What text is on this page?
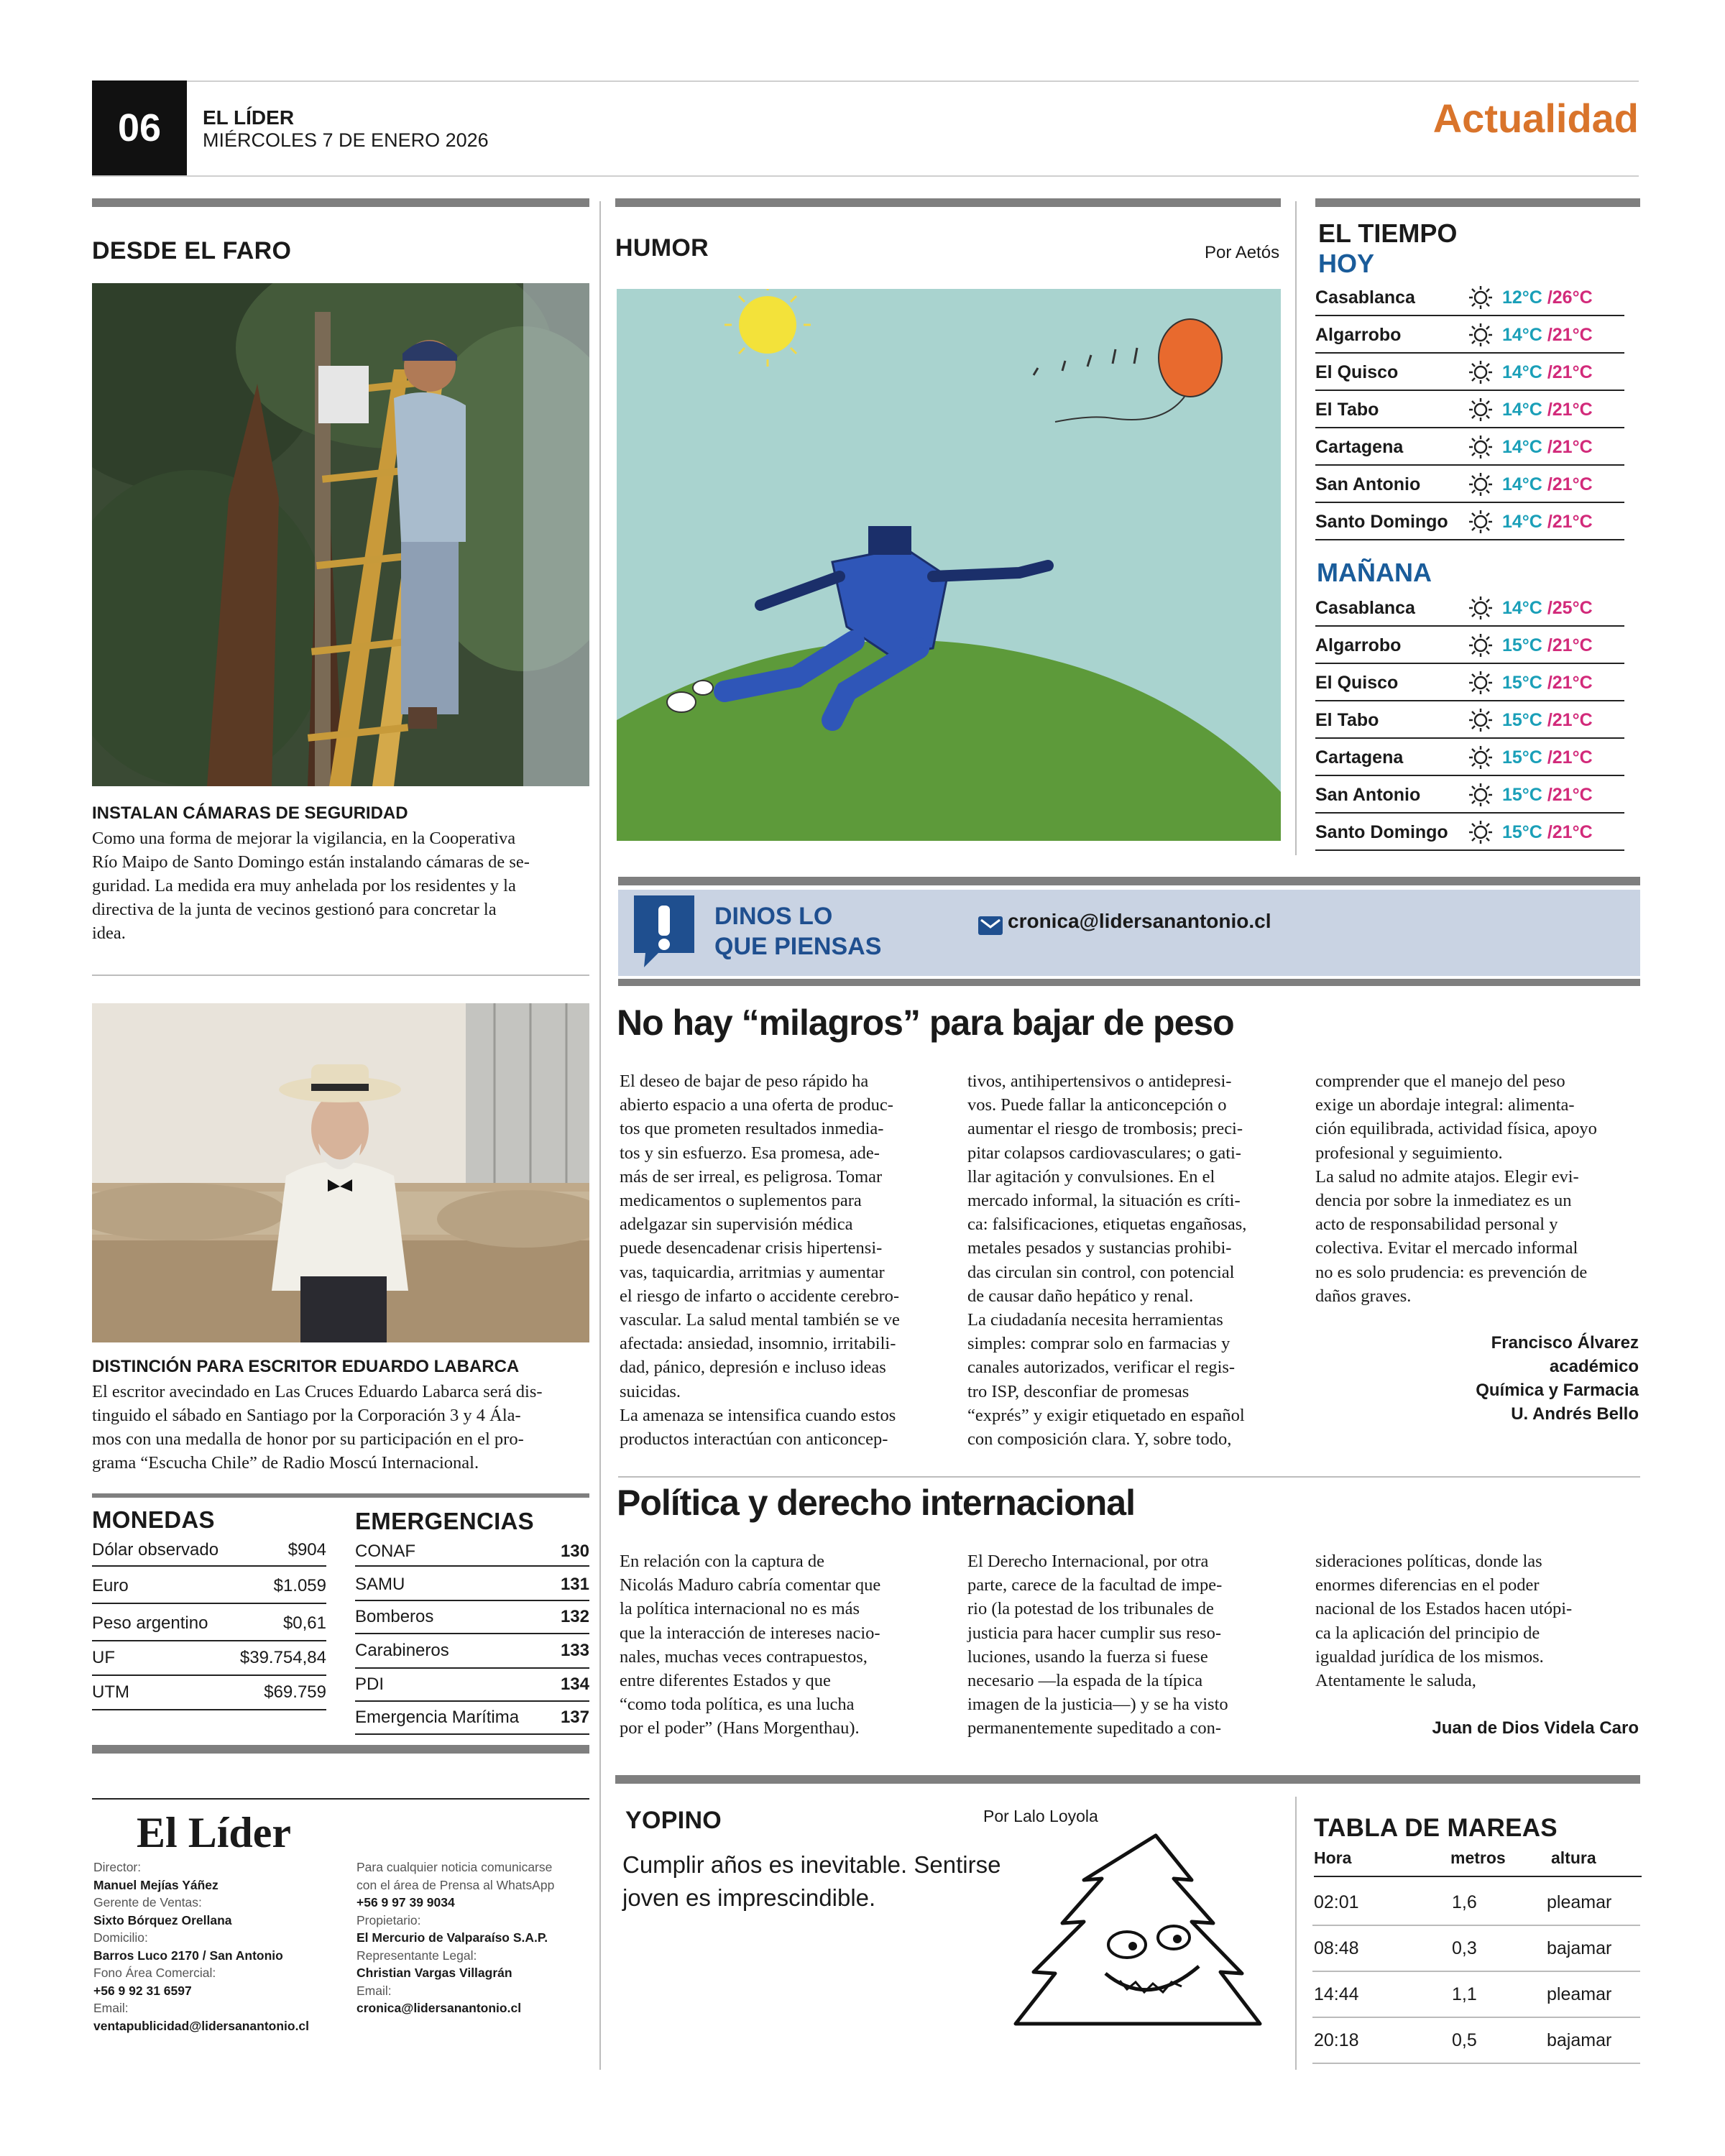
06	EL LÍDER
MIÉRCOLES 7 DE ENERO 2026	Actualidad
DESDE EL FARO
INSTALAN CÁMARAS DE SEGURIDAD
Como una forma de mejorar la vigilancia, en la Cooperativa
Río Maipo de Santo Domingo están instalando cámaras de se-
guridad. La medida era muy anhelada por los residentes y la
directiva de la junta de vecinos gestionó para concretar la
idea.
DISTINCIÓN PARA ESCRITOR EDUARDO LABARCA
El escritor avecindado en Las Cruces Eduardo Labarca será dis-
tinguido el sábado en Santiago por la Corporación 3 y 4 Ála-
mos con una medalla de honor por su participación en el pro-
grama “Escucha Chile” de Radio Moscú Internacional.
MONEDAS
Dólar observado	$904
Euro	$1.059
Peso argentino	$0,61
UF	$39.754,84
UTM	$69.759
EMERGENCIAS
CONAF	130
SAMU	131
Bomberos	132
Carabineros	133
PDI	134
Emergencia Marítima 137
El Líder
Director:
Manuel Mejías Yáñez
Gerente de Ventas:
Sixto Bórquez Orellana
Domicilio:
Barros Luco 2170 / San Antonio
Fono Área Comercial:
+56 9 92 31 6597
Email:
ventapublicidad@lidersanantonio.cl
Para cualquier noticia comunicarse
con el área de Prensa al WhatsApp
+56 9 97 39 9034
Propietario:
El Mercurio de Valparaíso S.A.P.
Representante Legal:
Christian Vargas Villagrán
Email:
cronica@lidersanantonio.cl
HUMOR	Por Aetós
EL TIEMPO
HOY
Casablanca	12°C /26°C
Algarrobo	14°C /21°C
El Quisco	14°C /21°C
El Tabo	14°C /21°C
Cartagena	14°C /21°C
San Antonio	14°C /21°C
Santo Domingo	14°C /21°C
MAÑANA
Casablanca	14°C /25°C
Algarrobo	15°C /21°C
El Quisco	15°C /21°C
El Tabo	15°C /21°C
Cartagena	15°C /21°C
San Antonio	15°C /21°C
Santo Domingo	15°C /21°C
DINOS LO
QUE PIENSAS
cronica@lidersanantonio.cl
No hay “milagros” para bajar de peso
El deseo de bajar de peso rápido ha
abierto espacio a una oferta de produc-
tos que prometen resultados inmedia-
tos y sin esfuerzo. Esa promesa, ade-
más de ser irreal, es peligrosa. Tomar
medicamentos o suplementos para
adelgazar sin supervisión médica
puede desencadenar crisis hipertensi-
vas, taquicardia, arritmias y aumentar
el riesgo de infarto o accidente cerebro-
vascular. La salud mental también se ve
afectada: ansiedad, insomnio, irritabili-
dad, pánico, depresión e incluso ideas
suicidas.
La amenaza se intensifica cuando estos
productos interactúan con anticoncep-
tivos, antihipertensivos o antidepresi-
vos. Puede fallar la anticoncepción o
aumentar el riesgo de trombosis; preci-
pitar colapsos cardiovasculares; o gati-
llar agitación y convulsiones. En el
mercado informal, la situación es críti-
ca: falsificaciones, etiquetas engañosas,
metales pesados y sustancias prohibi-
das circulan sin control, con potencial
de causar daño hepático y renal.
La ciudadanía necesita herramientas
simples: comprar solo en farmacias y
canales autorizados, verificar el regis-
tro ISP, desconfiar de promesas
“exprés” y exigir etiquetado en español
con composición clara. Y, sobre todo,
comprender que el manejo del peso
exige un abordaje integral: alimenta-
ción equilibrada, actividad física, apoyo
profesional y seguimiento.
La salud no admite atajos. Elegir evi-
dencia por sobre la inmediatez es un
acto de responsabilidad personal y
colectiva. Evitar el mercado informal
no es solo prudencia: es prevención de
daños graves.
Francisco Álvarez
académico
Química y Farmacia
U. Andrés Bello
Política y derecho internacional
En relación con la captura de
Nicolás Maduro cabría comentar que
la política internacional no es más
que la interacción de intereses nacio-
nales, muchas veces contrapuestos,
entre diferentes Estados y que
“como toda política, es una lucha
por el poder” (Hans Morgenthau).
El Derecho Internacional, por otra
parte, carece de la facultad de impe-
rio (la potestad de los tribunales de
justicia para hacer cumplir sus reso-
luciones, usando la fuerza si fuese
necesario —la espada de la típica
imagen de la justicia—) y se ha visto
permanentemente supeditado a con-
sideraciones políticas, donde las
enormes diferencias en el poder
nacional de los Estados hacen utópi-
ca la aplicación del principio de
igualdad jurídica de los mismos.
Atentamente le saluda,
Juan de Dios Videla Caro
YOPINO	Por Lalo Loyola
Cumplir años es inevitable. Sentirse
joven es imprescindible.
TABLA DE MAREAS
Hora	metros	altura
02:01	1,6	pleamar
08:48	0,3	bajamar
14:44	1,1	pleamar
20:18	0,5	bajamar
